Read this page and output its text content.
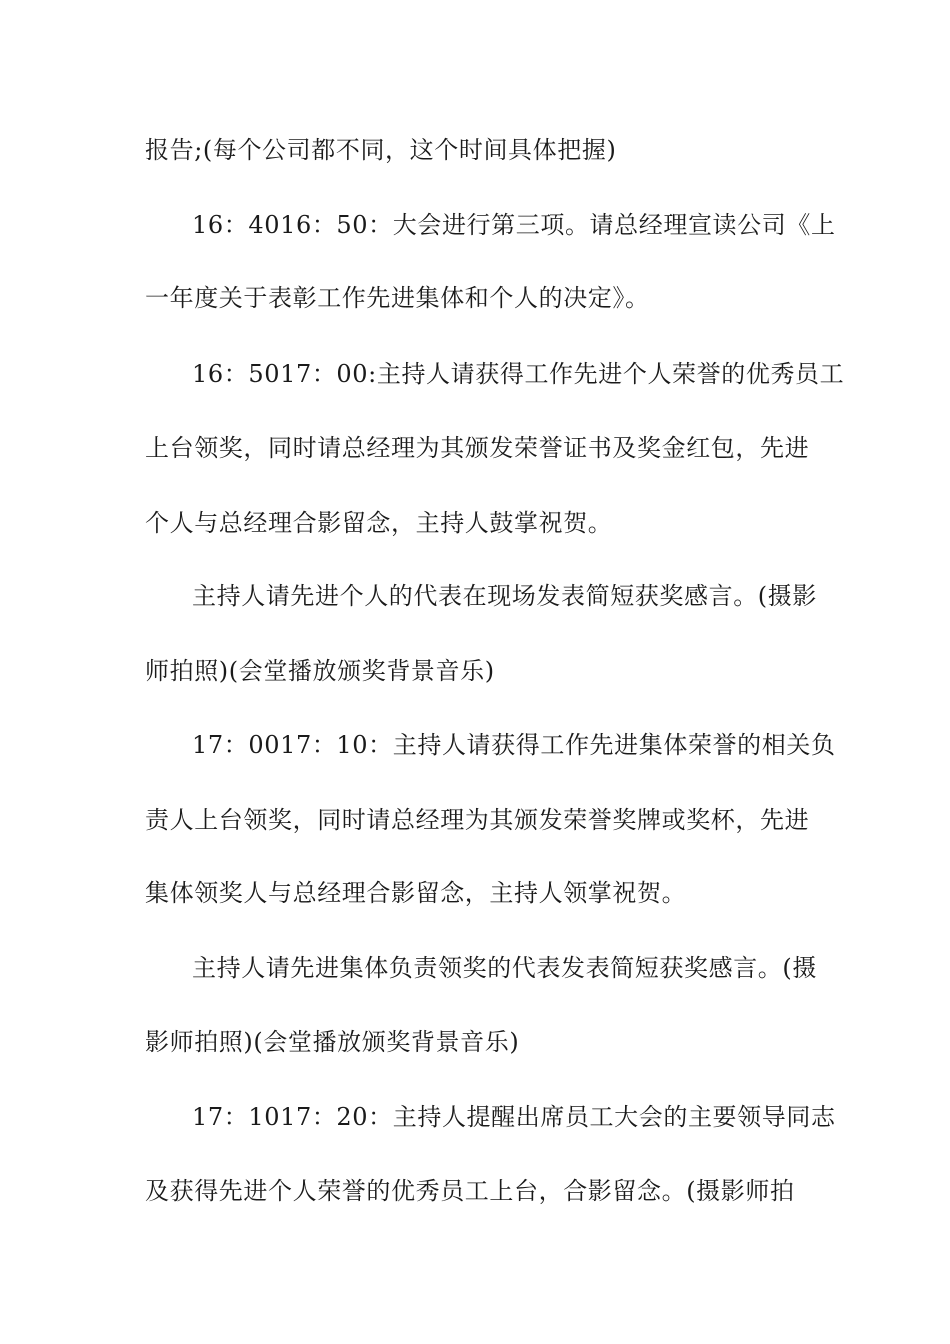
报告;(每个公司都不同，这个时间具体把握)
16：4016：50：大会进行第三项。请总经理宣读公司《上
一年度关于表彰工作先进集体和个人的决定》。
16：5017：00:主持人请获得工作先进个人荣誉的优秀员工
上台领奖，同时请总经理为其颁发荣誉证书及奖金红包，先进
个人与总经理合影留念，主持人鼓掌祝贺。
主持人请先进个人的代表在现场发表简短获奖感言。(摄影
师拍照)(会堂播放颁奖背景音乐)
17：0017：10：主持人请获得工作先进集体荣誉的相关负
责人上台领奖，同时请总经理为其颁发荣誉奖牌或奖杯，先进
集体领奖人与总经理合影留念，主持人领掌祝贺。
主持人请先进集体负责领奖的代表发表简短获奖感言。(摄
影师拍照)(会堂播放颁奖背景音乐)
17：1017：20：主持人提醒出席员工大会的主要领导同志
及获得先进个人荣誉的优秀员工上台，合影留念。(摄影师拍
